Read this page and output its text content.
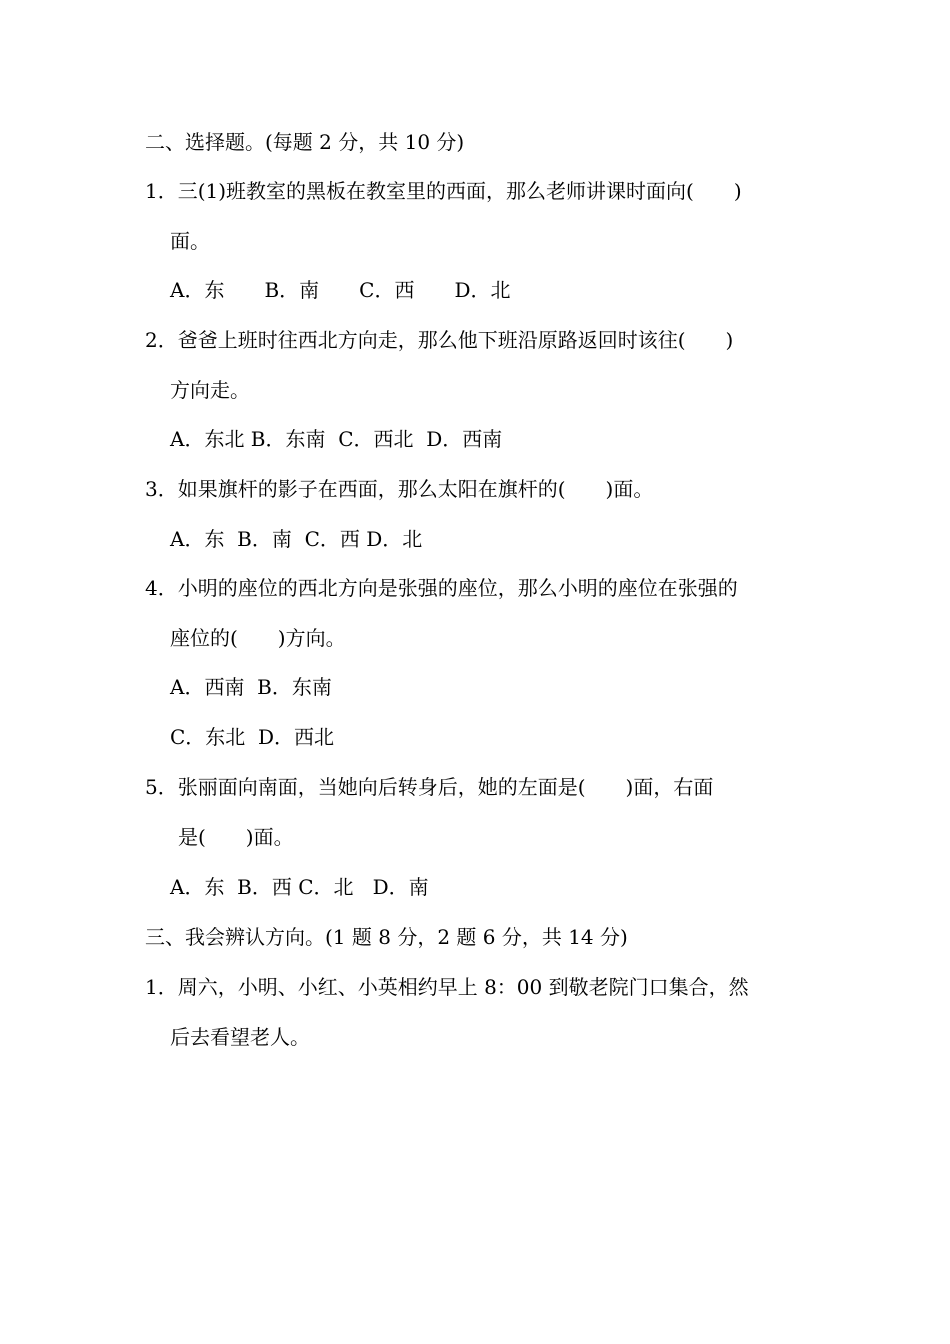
二、选择题。(每题 2 分，共 10 分)
1．三(1)班教室的黑板在教室里的西面，那么老师讲课时面向(　　)
面。
A．东　　B．南　　C．西　　D．北
2．爸爸上班时往西北方向走，那么他下班沿原路返回时该往(　　)
方向走。
A．东北 B．东南  C．西北  D．西南
3．如果旗杆的影子在西面，那么太阳在旗杆的(　　)面。
A．东  B．南  C．西 D．北
4．小明的座位的西北方向是张强的座位，那么小明的座位在张强的
座位的(　　)方向。
A．西南  B．东南
C．东北  D．西北
5．张丽面向南面，当她向后转身后，她的左面是(　　)面，右面
是(　　)面。
A．东  B．西 C．北   D．南
三、我会辨认方向。(1 题 8 分，2 题 6 分，共 14 分)
1．周六，小明、小红、小英相约早上 8：00 到敬老院门口集合，然
后去看望老人。
